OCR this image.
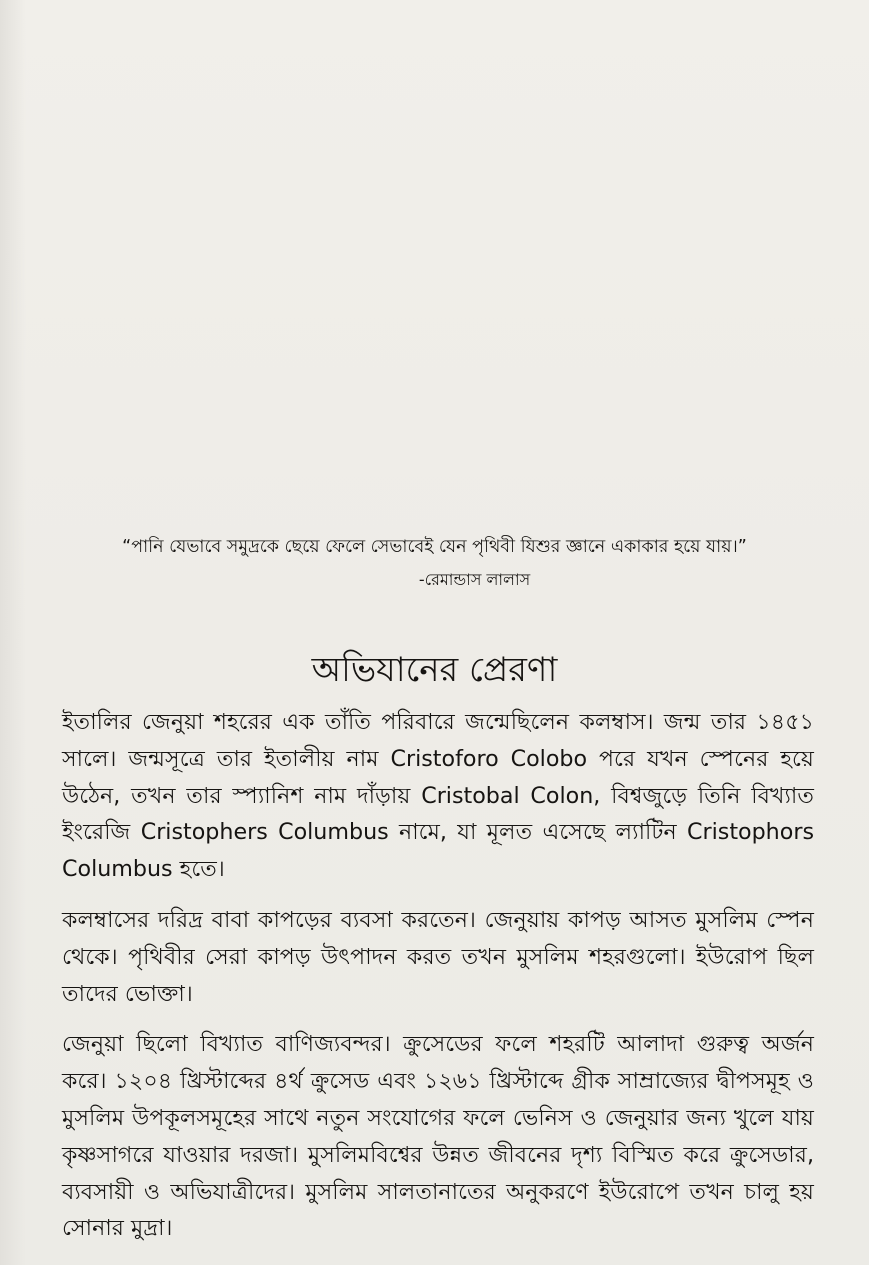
“পানি যেভাবে সমুদ্রকে ছেয়ে ফেলে সেভাবেই যেন পৃথিবী যিশুর জ্ঞানে একাকার হয়ে যায়।”
-রেমান্ডাস লালাস
অভিযানের প্রেরণা

ইতালির জেনুয়া শহরের এক তাঁতি পরিবারে জন্মেছিলেন কলম্বাস। জন্ম তার ১৪৫১ সালে। জন্মসূত্রে তার ইতালীয় নাম Cristoforo Colobo পরে যখন স্পেনের হয়ে উঠেন, তখন তার স্প্যানিশ নাম দাঁড়ায় Cristobal Colon, বিশ্বজুড়ে তিনি বিখ্যাত ইংরেজি Cristophers Columbus নামে, যা মূলত এসেছে ল্যাটিন Cristophors Columbus হতে।

কলম্বাসের দরিদ্র বাবা কাপড়ের ব্যবসা করতেন। জেনুয়ায় কাপড় আসত মুসলিম স্পেন থেকে। পৃথিবীর সেরা কাপড় উৎপাদন করত তখন মুসলিম শহরগুলো। ইউরোপ ছিল তাদের ভোক্তা।

জেনুয়া ছিলো বিখ্যাত বাণিজ্যবন্দর। ক্রুসেডের ফলে শহরটি আলাদা গুরুত্ব অর্জন করে। ১২০৪ খ্রিস্টাব্দের ৪র্থ ক্রুসেড এবং ১২৬১ খ্রিস্টাব্দে গ্রীক সাম্রাজ্যের দ্বীপসমূহ ও মুসলিম উপকূলসমূহের সাথে নতুন সংযোগের ফলে ভেনিস ও জেনুয়ার জন্য খুলে যায় কৃষ্ণসাগরে যাওয়ার দরজা। মুসলিমবিশ্বের উন্নত জীবনের দৃশ্য বিস্মিত করে ক্রুসেডার, ব্যবসায়ী ও অভিযাত্রীদের। মুসলিম সালতানাতের অনুকরণে ইউরোপে তখন চালু হয় সোনার মুদ্রা।
